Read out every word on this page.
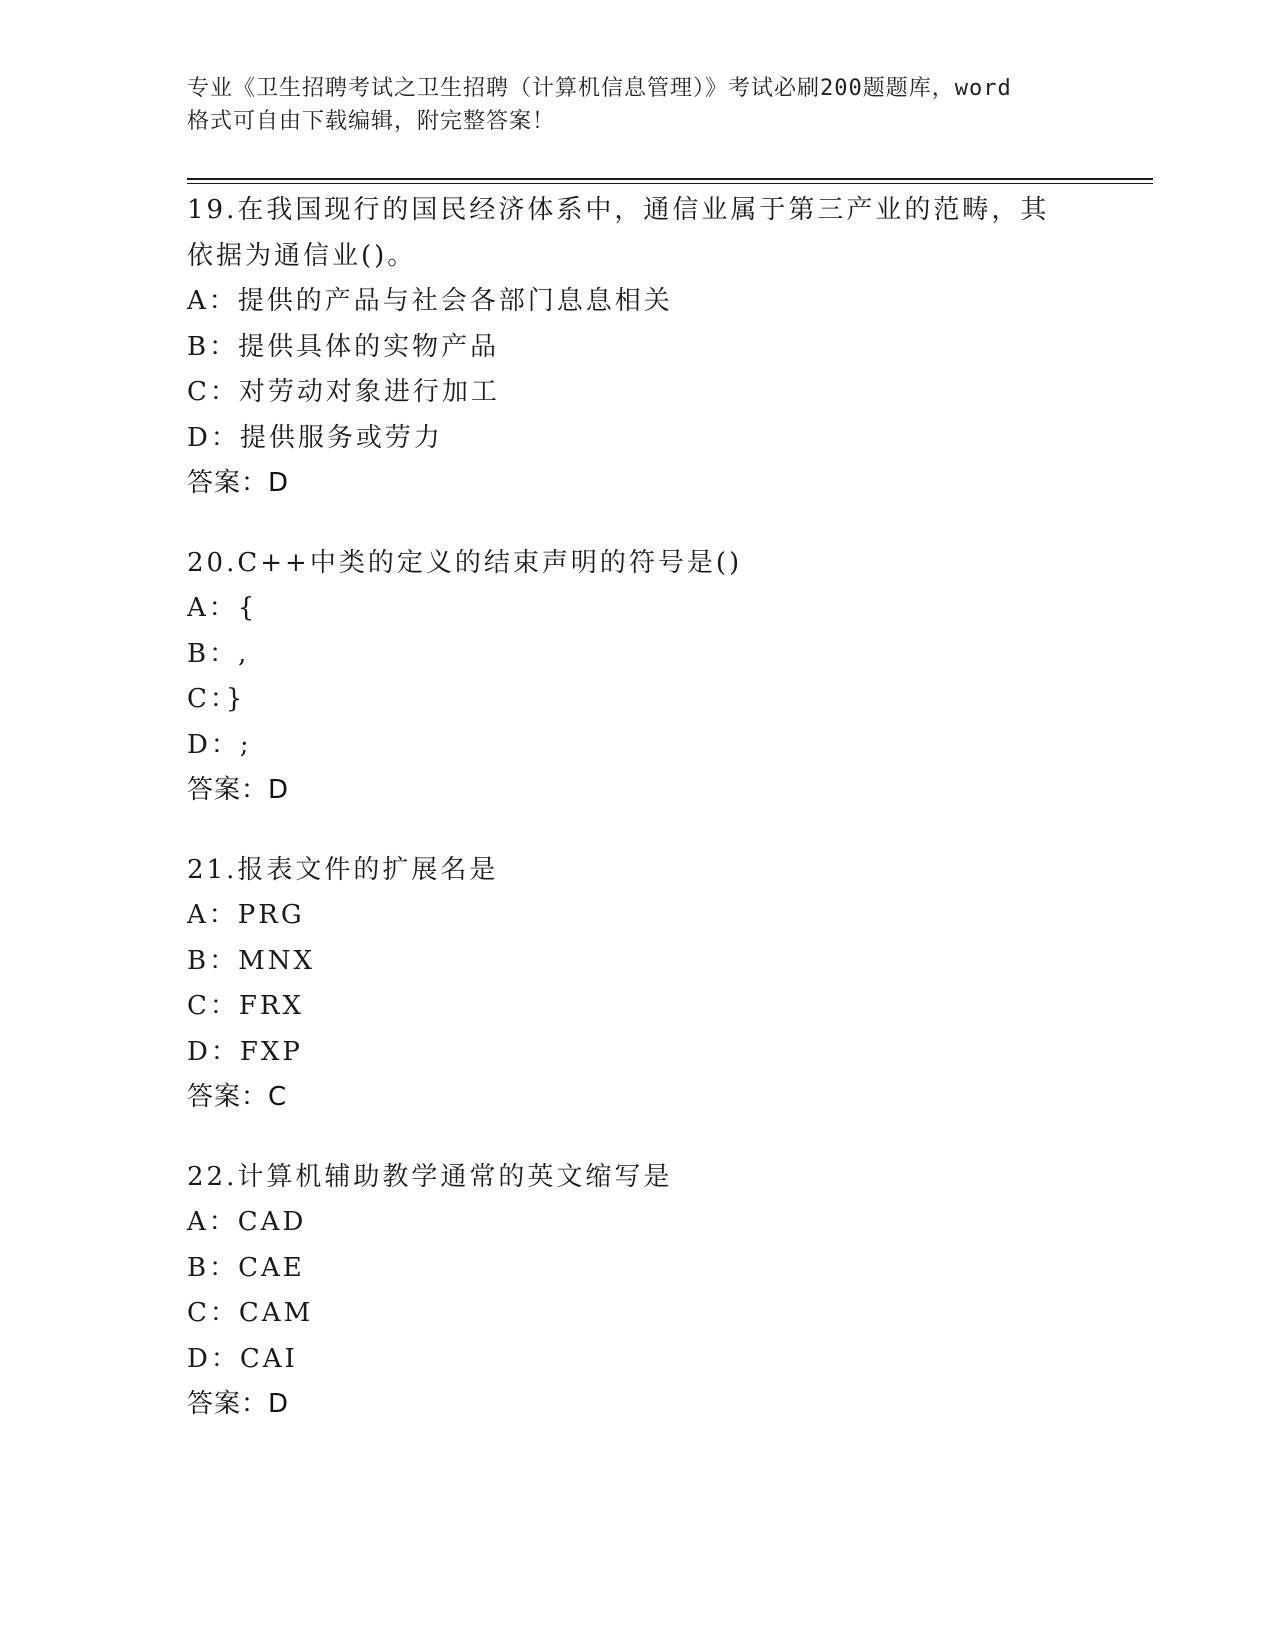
专业《卫生招聘考试之卫生招聘（计算机信息管理）》考试必刷200题题库，word
格式可自由下载编辑，附完整答案！
19.在我国现行的国民经济体系中，通信业属于第三产业的范畴，其依据为通信业()。
A：提供的产品与社会各部门息息相关
B：提供具体的实物产品
C：对劳动对象进行加工
D：提供服务或劳力
答案：D
20.C++中类的定义的结束声明的符号是()
A：{
B：,
C：}
D：;
答案：D
21.报表文件的扩展名是
A：PRG
B：MNX
C：FRX
D：FXP
答案：C
22.计算机辅助教学通常的英文缩写是
A：CAD
B：CAE
C：CAM
D：CAI
答案：D
